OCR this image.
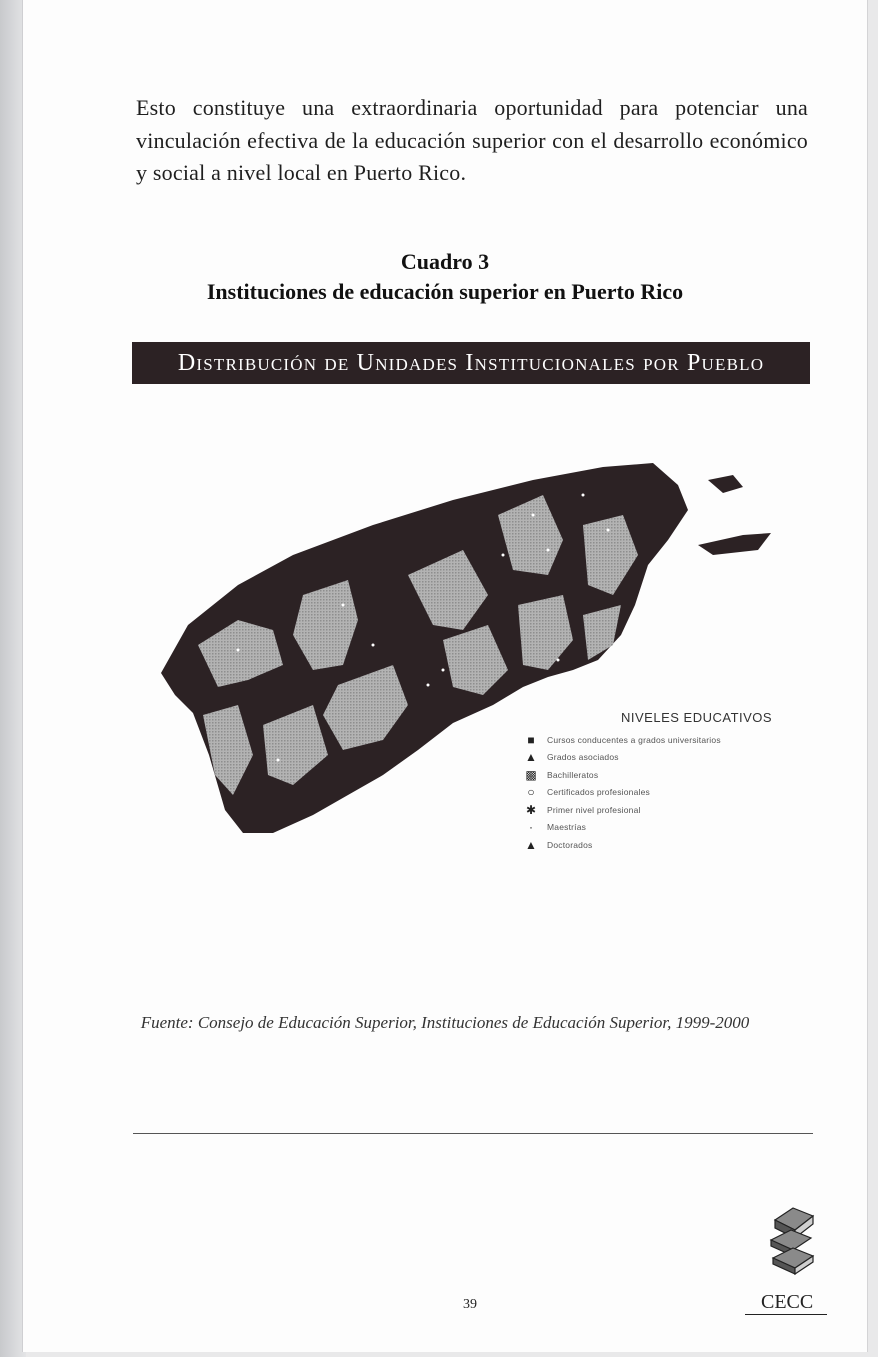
Esto constituye una extraordinaria oportunidad para potenciar una vinculación efectiva de la educación superior con el desarrollo económico y social a nivel local en Puerto Rico.
Cuadro 3
Instituciones de educación superior en Puerto Rico
Distribución de Unidades Institucionales por Pueblo
NIVELES EDUCATIVOS
■	Cursos conducentes a grados universitarios
▲	Grados asociados
▩	Bachilleratos
○	Certificados profesionales
✱	Primer nivel profesional
·	Maestrías
▲	Doctorados
Fuente: Consejo de Educación Superior, Instituciones de Educación Superior, 1999-2000
39	CECC
